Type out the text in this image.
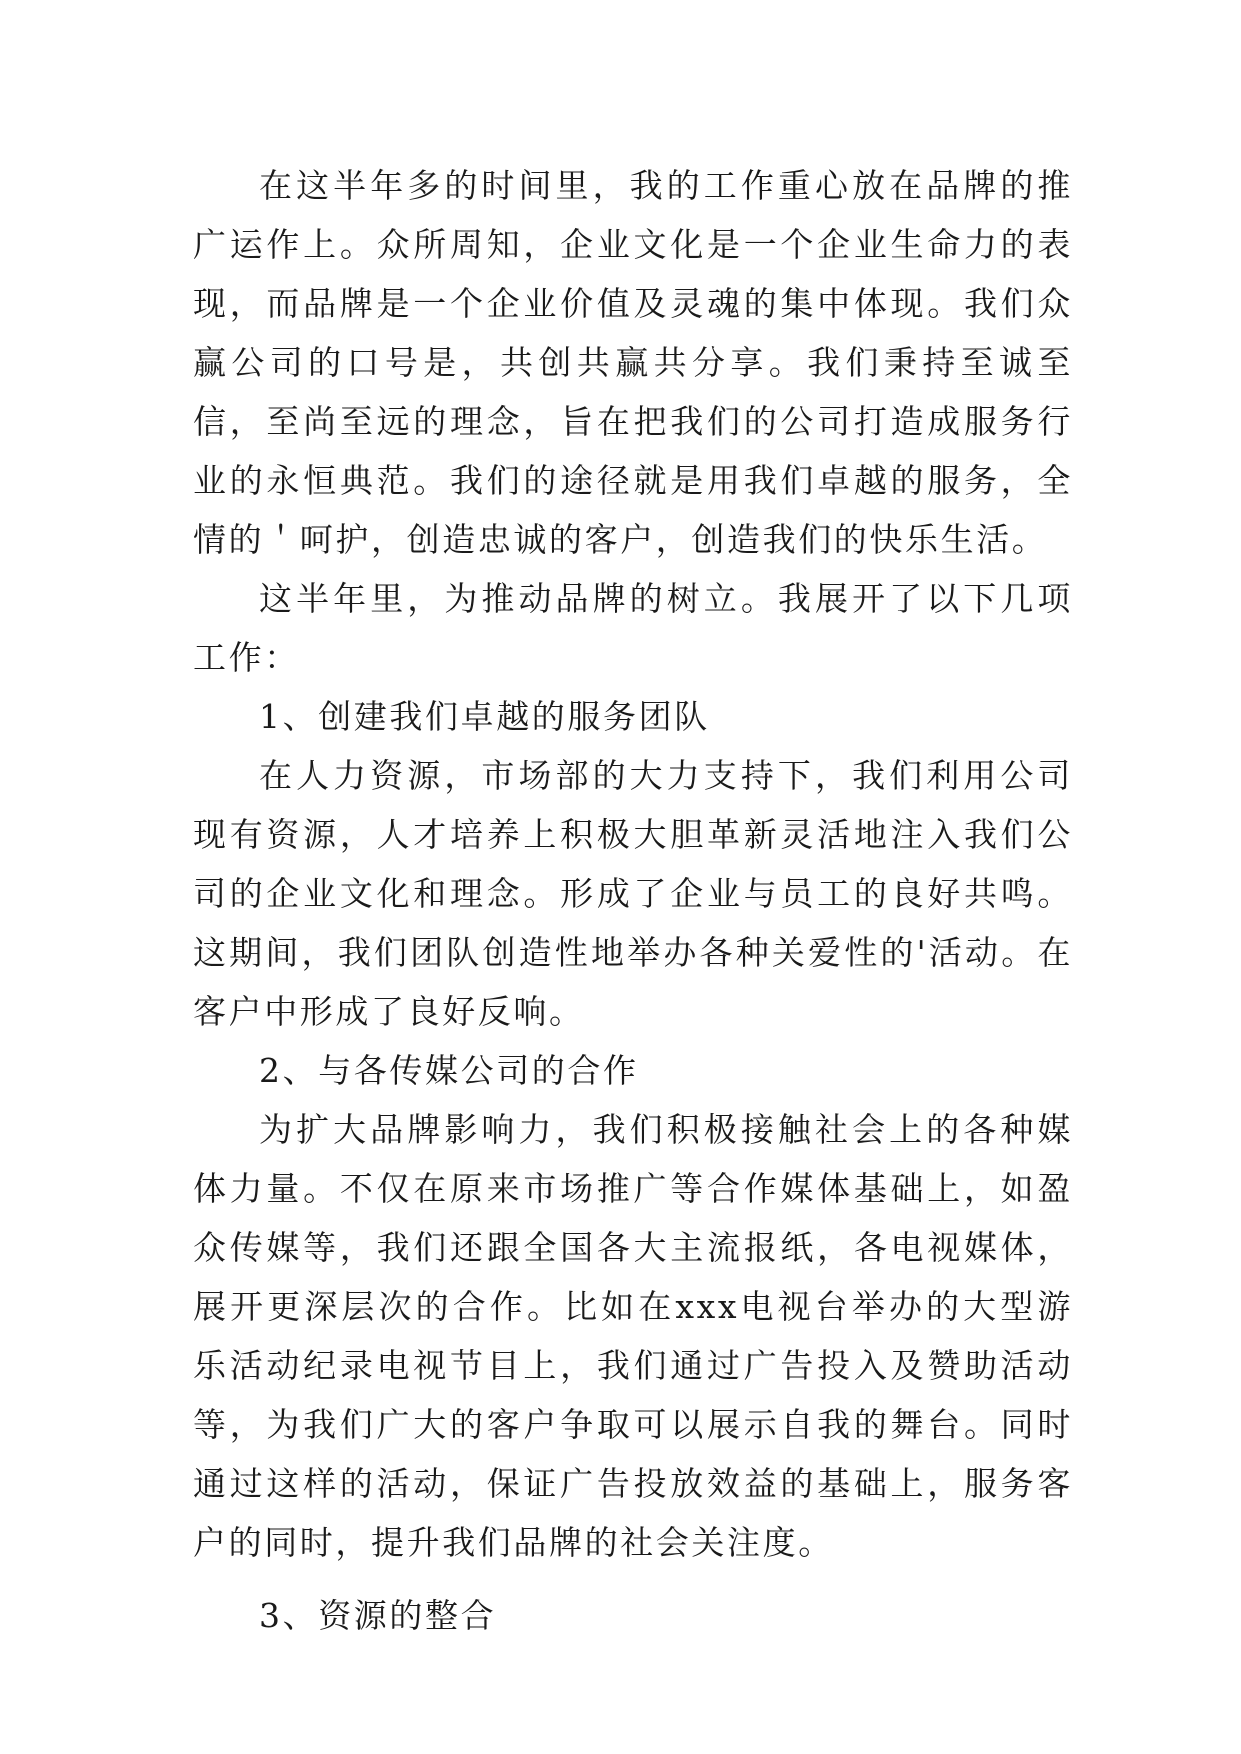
在这半年多的时间里，我的工作重心放在品牌的推广运作上。众所周知，企业文化是一个企业生命力的表现，而品牌是一个企业价值及灵魂的集中体现。我们众赢公司的口号是，共创共赢共分享。我们秉持至诚至信，至尚至远的理念，旨在把我们的公司打造成服务行业的永恒典范。我们的途径就是用我们卓越的服务，全情的＇呵护，创造忠诚的客户，创造我们的快乐生活。

这半年里，为推动品牌的树立。我展开了以下几项工作：

1、创建我们卓越的服务团队

在人力资源，市场部的大力支持下，我们利用公司现有资源，人才培养上积极大胆革新灵活地注入我们公司的企业文化和理念。形成了企业与员工的良好共鸣。这期间，我们团队创造性地举办各种关爱性的'活动。在客户中形成了良好反响。

2、与各传媒公司的合作

为扩大品牌影响力，我们积极接触社会上的各种媒体力量。不仅在原来市场推广等合作媒体基础上，如盈众传媒等，我们还跟全国各大主流报纸，各电视媒体，展开更深层次的合作。比如在xxx电视台举办的大型游乐活动纪录电视节目上，我们通过广告投入及赞助活动等，为我们广大的客户争取可以展示自我的舞台。同时通过这样的活动，保证广告投放效益的基础上，服务客户的同时，提升我们品牌的社会关注度。

3、资源的整合
